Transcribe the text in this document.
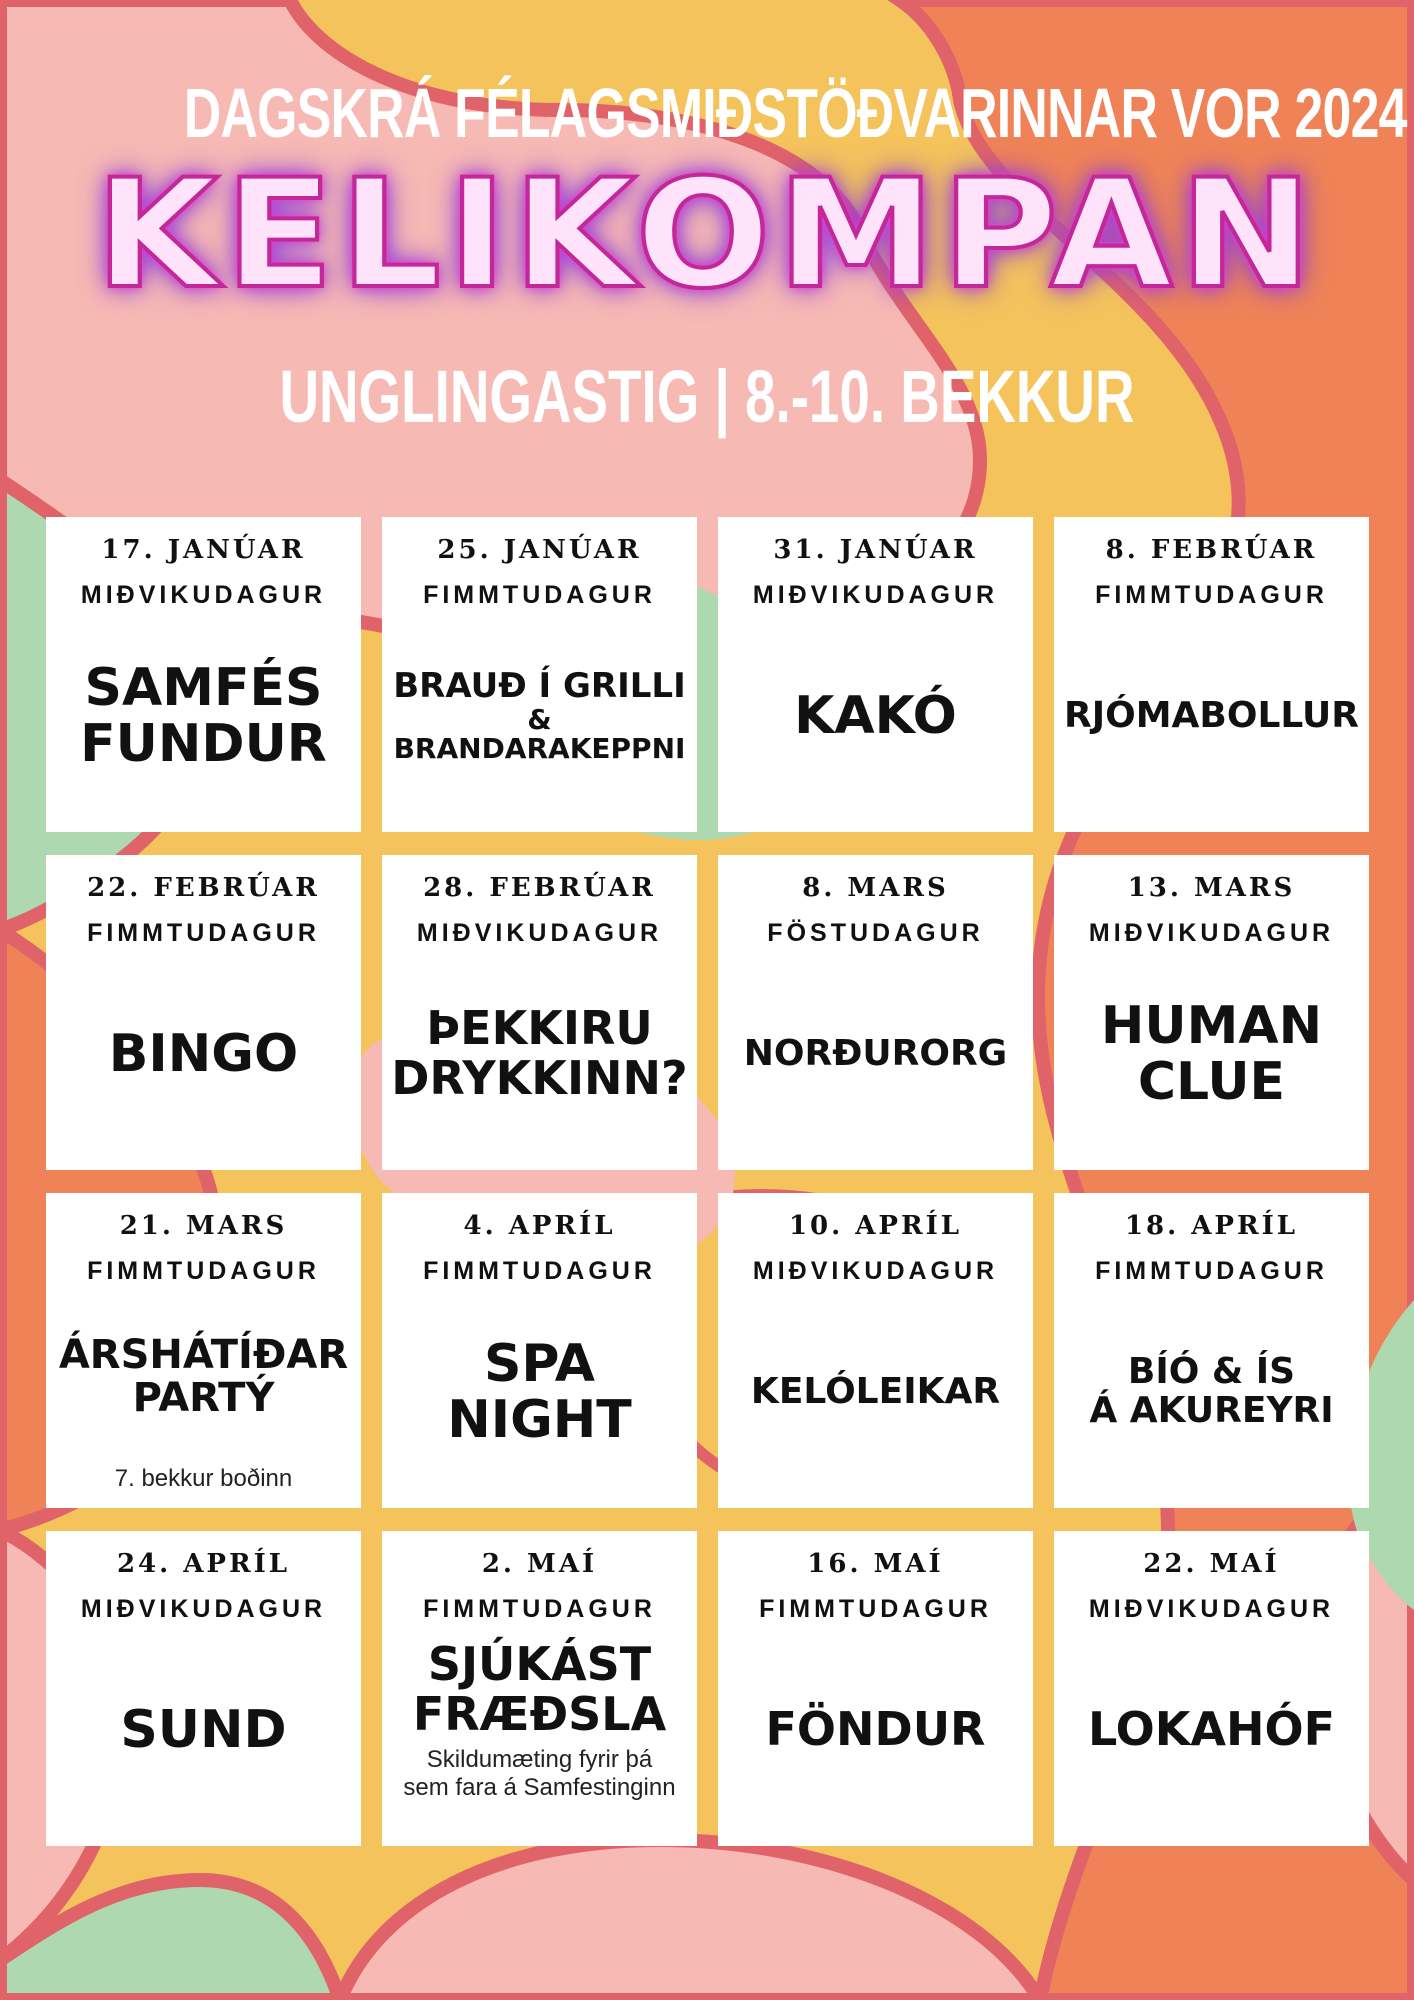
DAGSKRÁ FÉLAGSMIÐSTÖÐVARINNAR VOR 2024
KELIKOMPAN
UNGLINGASTIG | 8.-10. BEKKUR
17. JANÚAR
MIÐVIKUDAGUR
SAMFÉS
FUNDUR
25. JANÚAR
FIMMTUDAGUR
BRAUÐ Í GRILLI
&
BRANDARAKEPPNI
31. JANÚAR
MIÐVIKUDAGUR
KAKÓ
8. FEBRÚAR
FIMMTUDAGUR
RJÓMABOLLUR
22. FEBRÚAR
FIMMTUDAGUR
BINGO
28. FEBRÚAR
MIÐVIKUDAGUR
ÞEKKIRU
DRYKKINN?
8. MARS
FÖSTUDAGUR
NORÐURORG
13. MARS
MIÐVIKUDAGUR
HUMAN
CLUE
21. MARS
FIMMTUDAGUR
ÁRSHÁTÍÐAR
PARTÝ
7. bekkur boðinn
4. APRÍL
FIMMTUDAGUR
SPA
NIGHT
10. APRÍL
MIÐVIKUDAGUR
KELÓLEIKAR
18. APRÍL
FIMMTUDAGUR
BÍÓ & ÍS
Á AKUREYRI
24. APRÍL
MIÐVIKUDAGUR
SUND
2. MAÍ
FIMMTUDAGUR
SJÚKÁST
FRÆÐSLA
Skildumæting fyrir þá
sem fara á Samfestinginn
16. MAÍ
FIMMTUDAGUR
FÖNDUR
22. MAÍ
MIÐVIKUDAGUR
LOKAHÓF
